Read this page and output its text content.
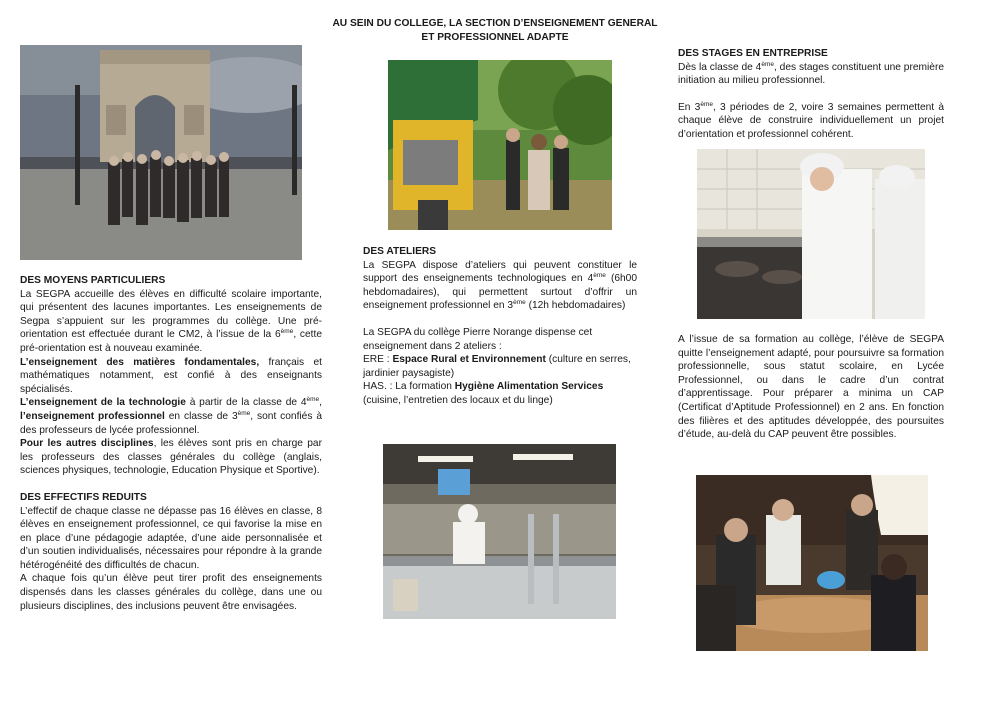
AU SEIN DU COLLEGE, LA SECTION D’ENSEIGNEMENT GENERAL
ET PROFESSIONNEL ADAPTE

DES MOYENS PARTICULIERS

La SEGPA accueille des élèves en difficulté scolaire importante, qui présentent des lacunes importantes. Les enseignements de Segpa s’appuient sur les programmes du collège. Une pré-orientation est effectuée durant le CM2, à l’issue de la 6ème, cette pré-orientation est à nouveau examinée.

L’enseignement des matières fondamentales, français et mathématiques notamment, est confié à des enseignants spécialisés.

L’enseignement de la technologie à partir de la classe de 4ème, l’enseignement professionnel en classe de 3ème, sont confiés à des professeurs de lycée professionnel.

Pour les autres disciplines, les élèves sont pris en charge par les professeurs des classes générales du collège (anglais, sciences physiques, technologie, Education Physique et Sportive).

DES EFFECTIFS REDUITS

L’effectif de chaque classe ne dépasse pas 16 élèves en classe, 8 élèves en enseignement professionnel, ce qui favorise la mise en en place d’une pédagogie adaptée, d’une aide personnalisée et d’un soutien individualisés, nécessaires pour répondre à la grande hétérogénéité des difficultés de chacun.

A chaque fois qu’un élève peut tirer profit des enseignements dispensés dans les classes générales du collège, dans une ou plusieurs disciplines, des inclusions peuvent être envisagées.

DES ATELIERS

La SEGPA dispose d’ateliers qui peuvent constituer le support des enseignements technologiques en 4ème (6h00 hebdomadaires), qui permettent surtout d’offrir un enseignement professionnel en 3ème (12h hebdomadaires)

La SEGPA du collège Pierre Norange dispense cet enseignement dans 2 ateliers :

ERE : Espace Rural et Environnement (culture en serres, jardinier paysagiste)

HAS. : La formation Hygiène Alimentation Services (cuisine, l’entretien des locaux et du linge)

DES STAGES EN ENTREPRISE

Dès la classe de 4ème, des stages constituent une première initiation au milieu professionnel.

En 3ème, 3 périodes de 2, voire 3 semaines permettent à chaque élève de construire individuellement un projet d’orientation et professionnel cohérent.

A l’issue de sa formation au collège, l’élève de SEGPA quitte l’enseignement adapté, pour poursuivre sa formation professionnelle, sous statut scolaire, en Lycée Professionnel, ou dans le cadre d’un contrat d’apprentissage. Pour préparer a minima un CAP (Certificat d’Aptitude Professionnel) en 2 ans. En fonction des filières et des aptitudes développée, des poursuites d’étude, au-delà du CAP peuvent être possibles.
